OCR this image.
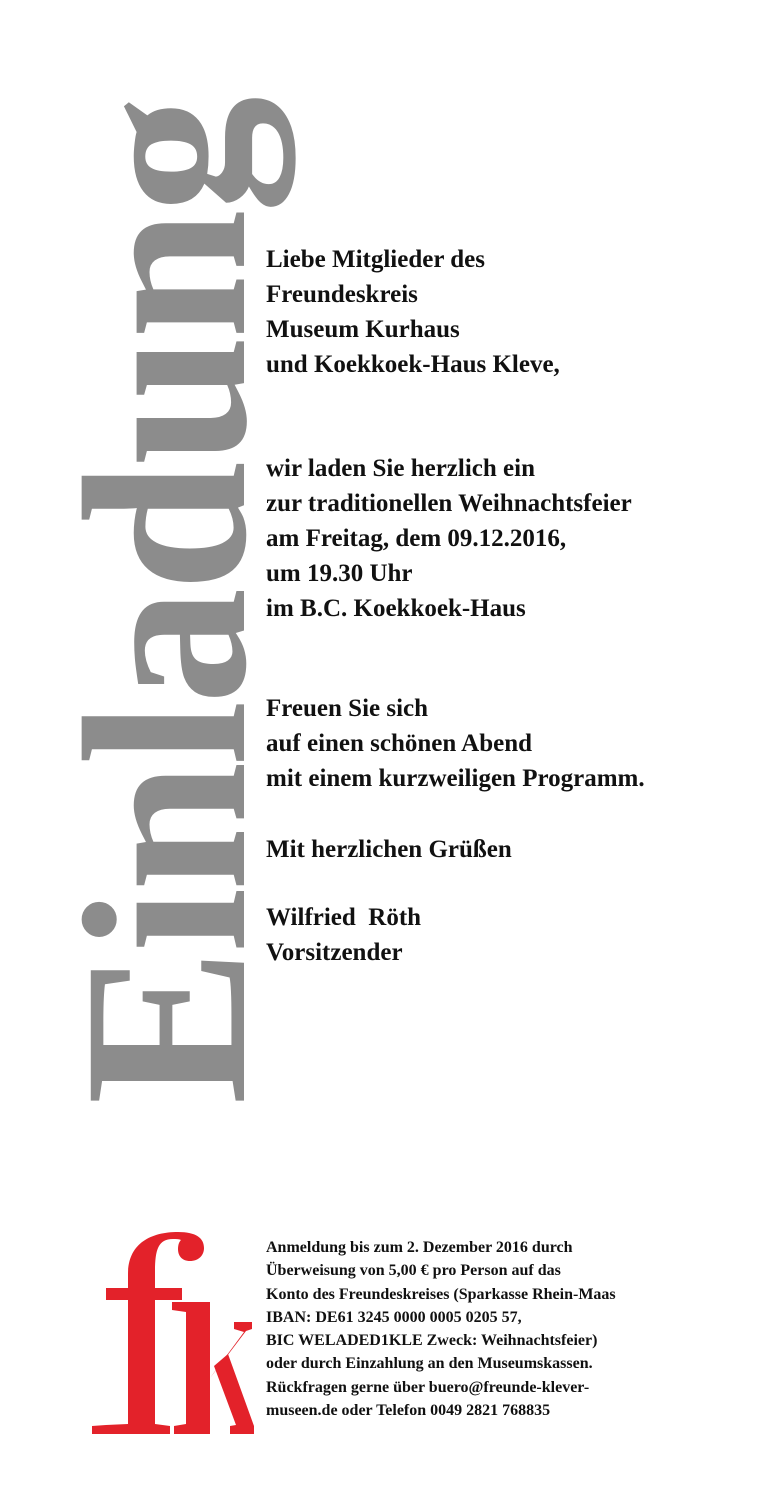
Einladung
Liebe Mitglieder des
Freundeskreis
Museum Kurhaus
und Koekkoek-Haus Kleve,
wir laden Sie herzlich ein
zur traditionellen Weihnachtsfeier
am Freitag, dem 09.12.2016,
um 19.30 Uhr
im B.C. Koekkoek-Haus
Freuen Sie sich
auf einen schönen Abend
mit einem kurzweiligen Programm.
Mit herzlichen Grüßen
Wilfried  Röth
Vorsitzender
Anmeldung bis zum 2. Dezember 2016 durch
Überweisung von 5,00 € pro Person auf das
Konto des Freundeskreises (Sparkasse Rhein-Maas
IBAN: DE61 3245 0000 0005 0205 57,
BIC WELADED1KLE Zweck: Weihnachtsfeier)
oder durch Einzahlung an den Museumskassen.
Rückfragen gerne über buero@freunde-klever-
museen.de oder Telefon 0049 2821 768835
